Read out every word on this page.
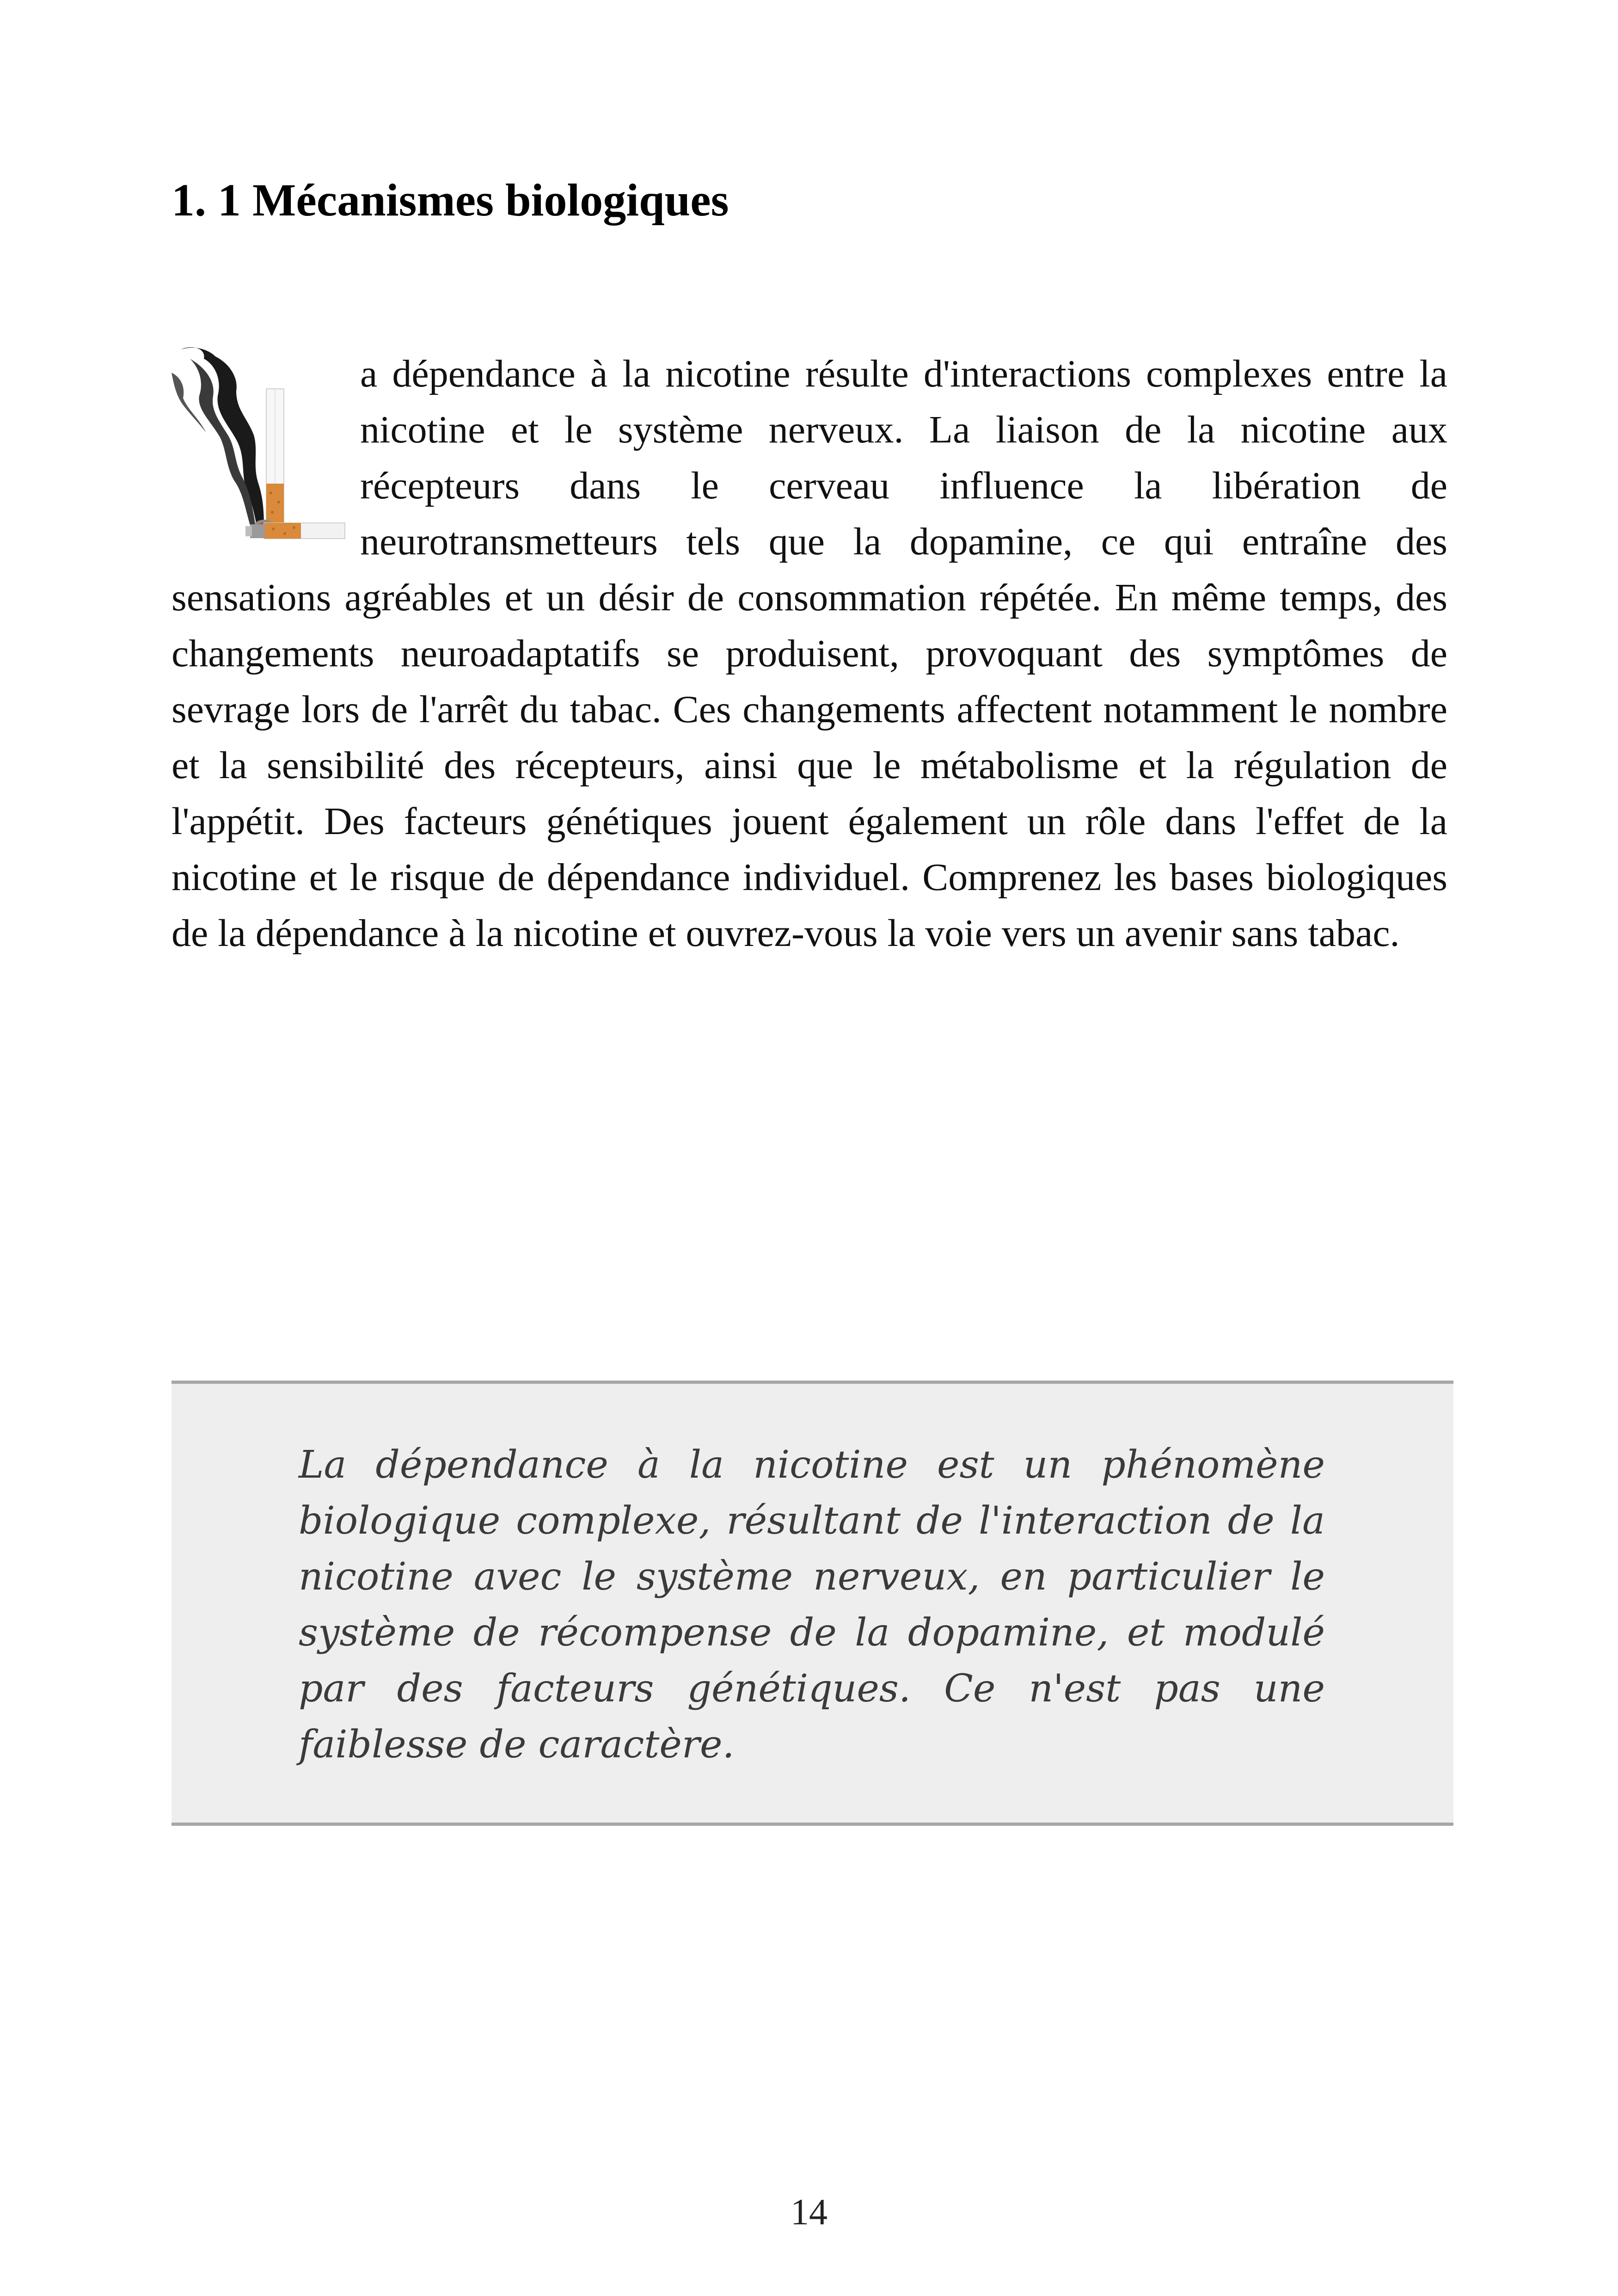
1. 1 Mécanismes biologiques

a dépendance à la nicotine résulte d'interactions complexes entre la nicotine et le système nerveux. La liaison de la nicotine aux récepteurs dans le cerveau influence la libération de neurotransmetteurs tels que la dopamine, ce qui entraîne des sensations agréables et un désir de consommation répétée. En même temps, des changements neuroadaptatifs se produisent, provoquant des symptômes de sevrage lors de l'arrêt du tabac. Ces changements affectent notamment le nombre et la sensibilité des récepteurs, ainsi que le métabolisme et la régulation de l'appétit. Des facteurs génétiques jouent également un rôle dans l'effet de la nicotine et le risque de dépendance individuel. Comprenez les bases biologiques de la dépendance à la nicotine et ouvrez-vous la voie vers un avenir sans tabac.

La dépendance à la nicotine est un phénomène biologique complexe, résultant de l'interaction de la nicotine avec le système nerveux, en particulier le système de récompense de la dopamine, et modulé par des facteurs génétiques. Ce n'est pas une faiblesse de caractère.

14
